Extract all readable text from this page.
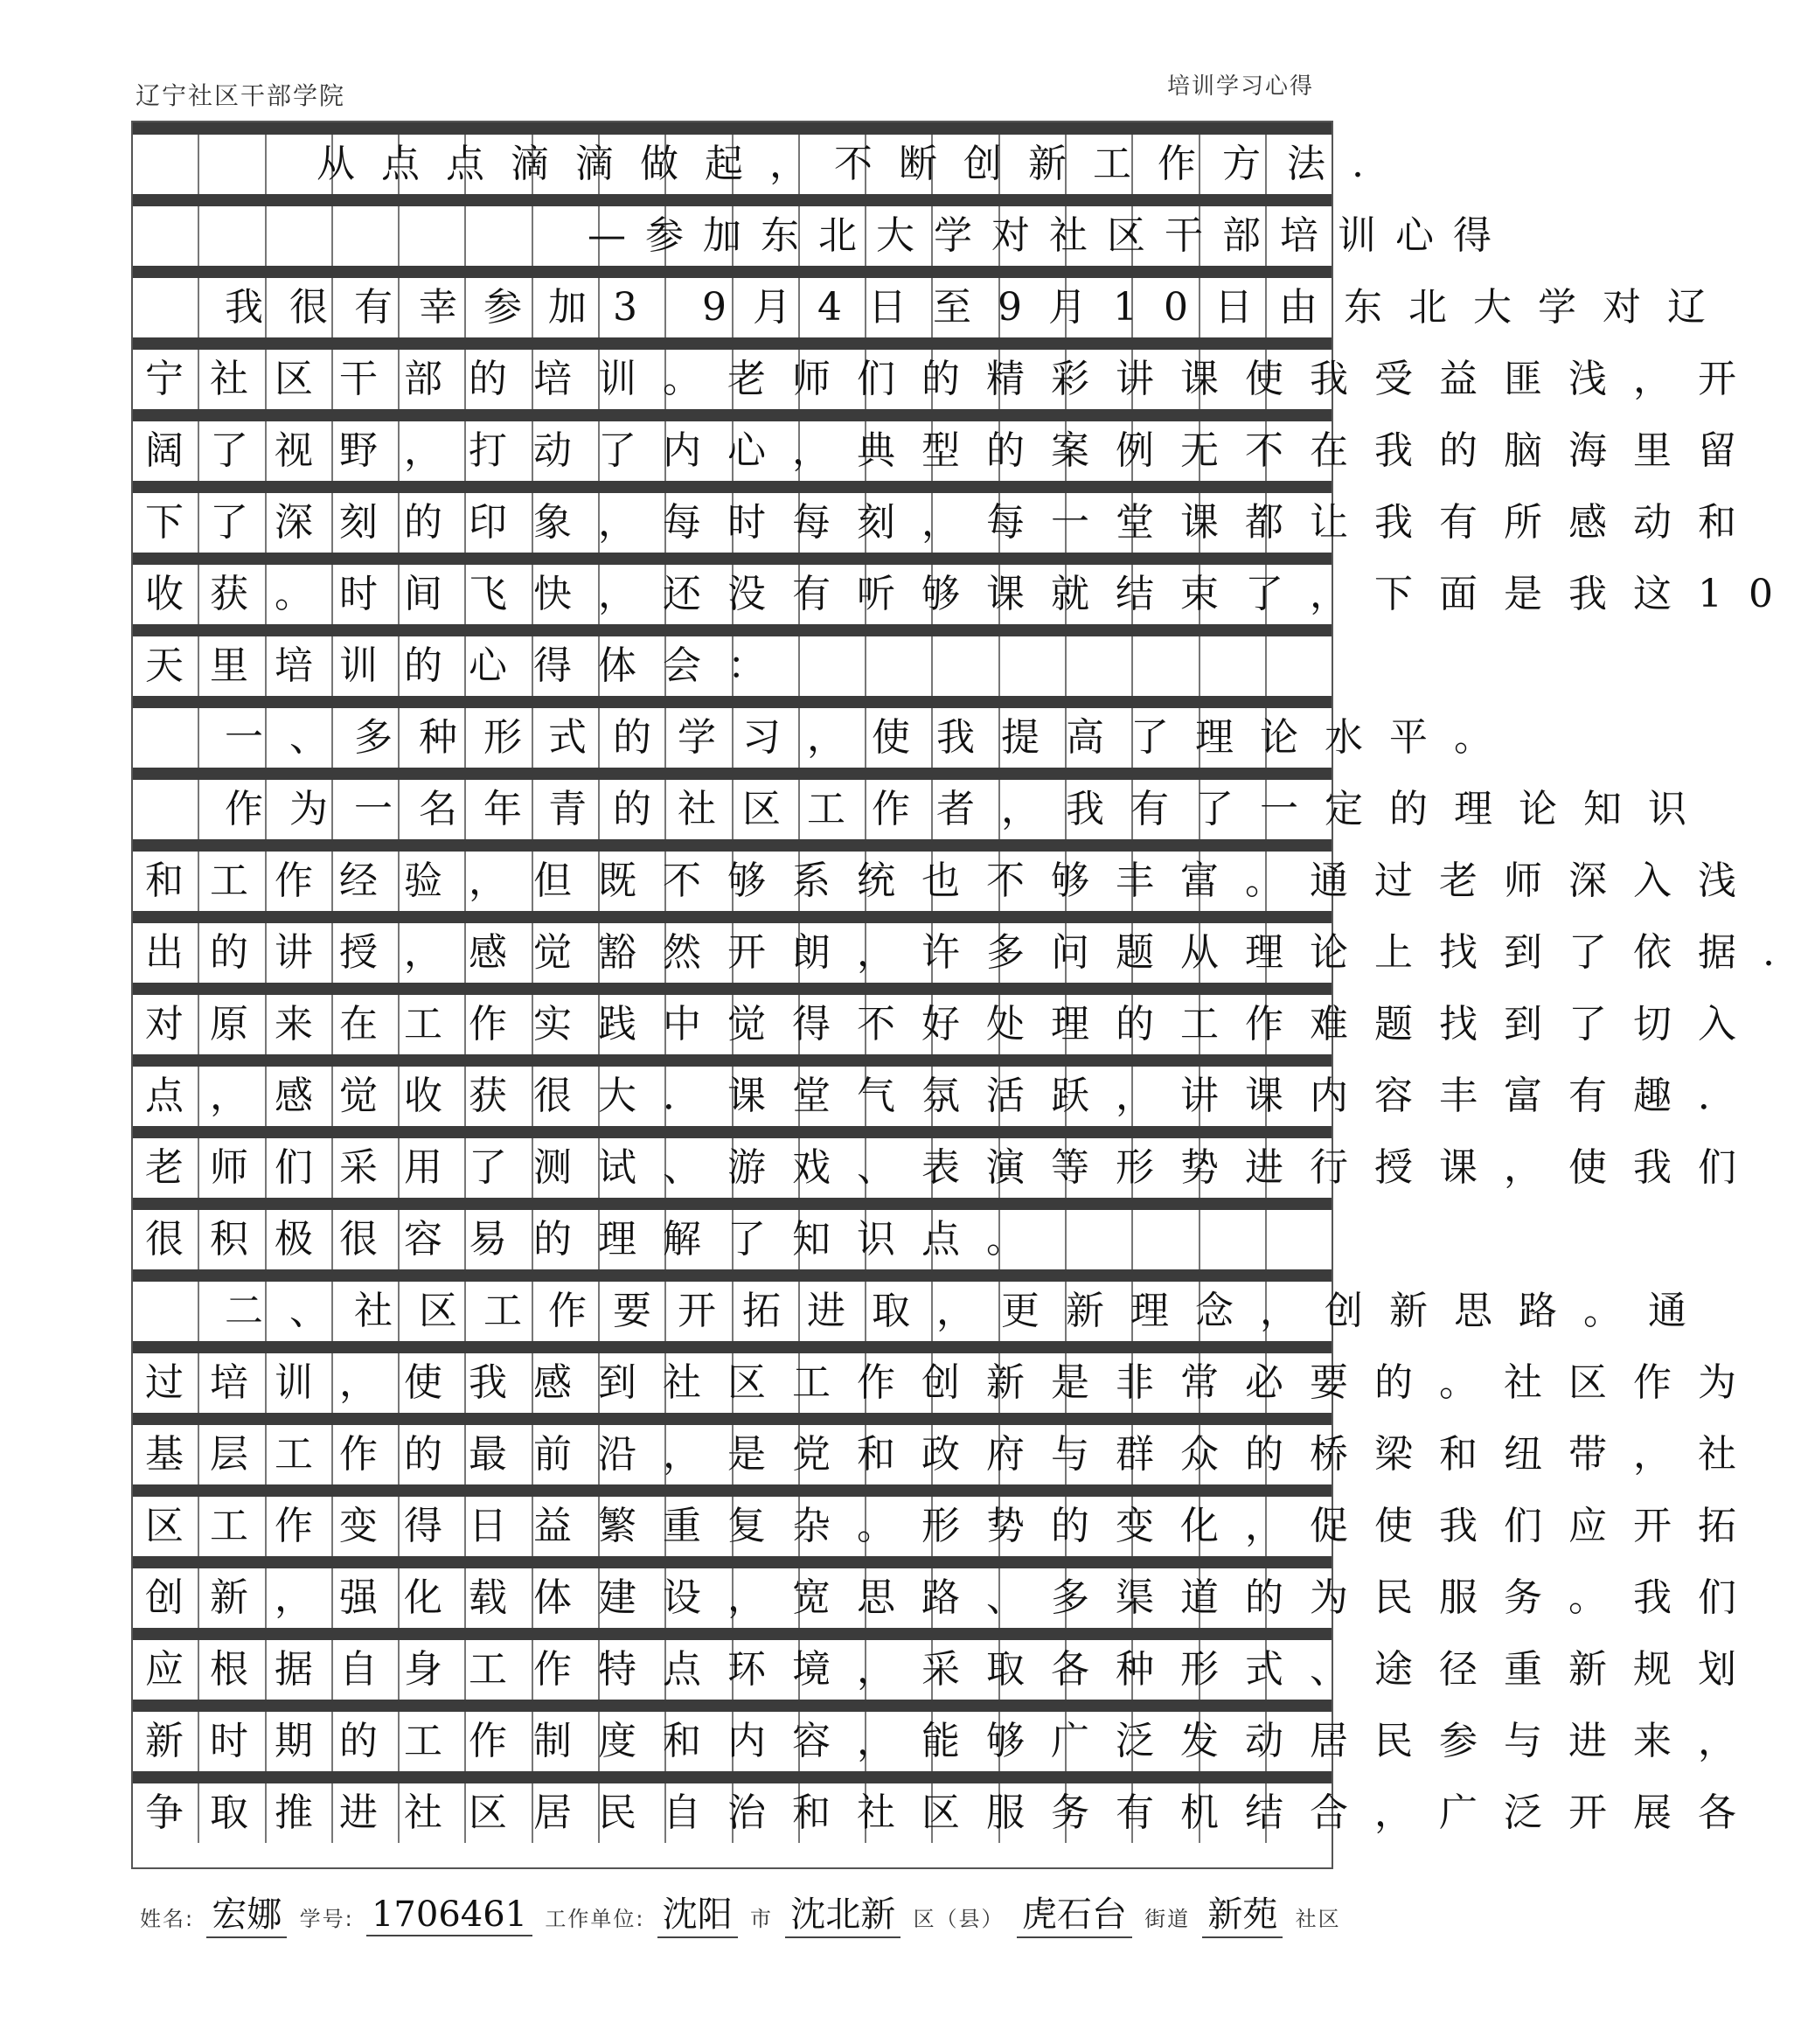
辽宁社区干部学院	培训学习心得
从点点滴滴做起，不断创新工作方法.
—参加东北大学对社区干部培训心得
我很有幸参加3 9月4日至9月10日由东北大学对辽
宁社区干部的培训。老师们的精彩讲课使我受益匪浅，开
阔了视野，打动了内心，典型的案例无不在我的脑海里留
下了深刻的印象，每时每刻，每一堂课都让我有所感动和
收获。时间飞快，还没有听够课就结束了，下面是我这10
天里培训的心得体会：
一、多种形式的学习，使我提高了理论水平。
作为一名年青的社区工作者，我有了一定的理论知识
和工作经验，但既不够系统也不够丰富。通过老师深入浅
出的讲授，感觉豁然开朗，许多问题从理论上找到了依据.
对原来在工作实践中觉得不好处理的工作难题找到了切入
点，感觉收获很大．课堂气氛活跃，讲课内容丰富有趣．
老师们采用了测试、游戏、表演等形势进行授课，使我们
很积极很容易的理解了知识点。
二、社区工作要开拓进取，更新理念，创新思路。通
过培训，使我感到社区工作创新是非常必要的。社区作为
基层工作的最前沿，是党和政府与群众的桥梁和纽带，社
区工作变得日益繁重复杂。形势的变化，促使我们应开拓
创新，强化载体建设，宽思路、多渠道的为民服务。我们
应根据自身工作特点环境，采取各种形式、途径重新规划
新时期的工作制度和内容，能够广泛发动居民参与进来，
争取推进社区居民自治和社区服务有机结合，广泛开展各
姓名: 宏娜 学号: 1706461 工作单位: 沈阳 市 沈北新 区（县） 虎石台 街道 新苑 社区
